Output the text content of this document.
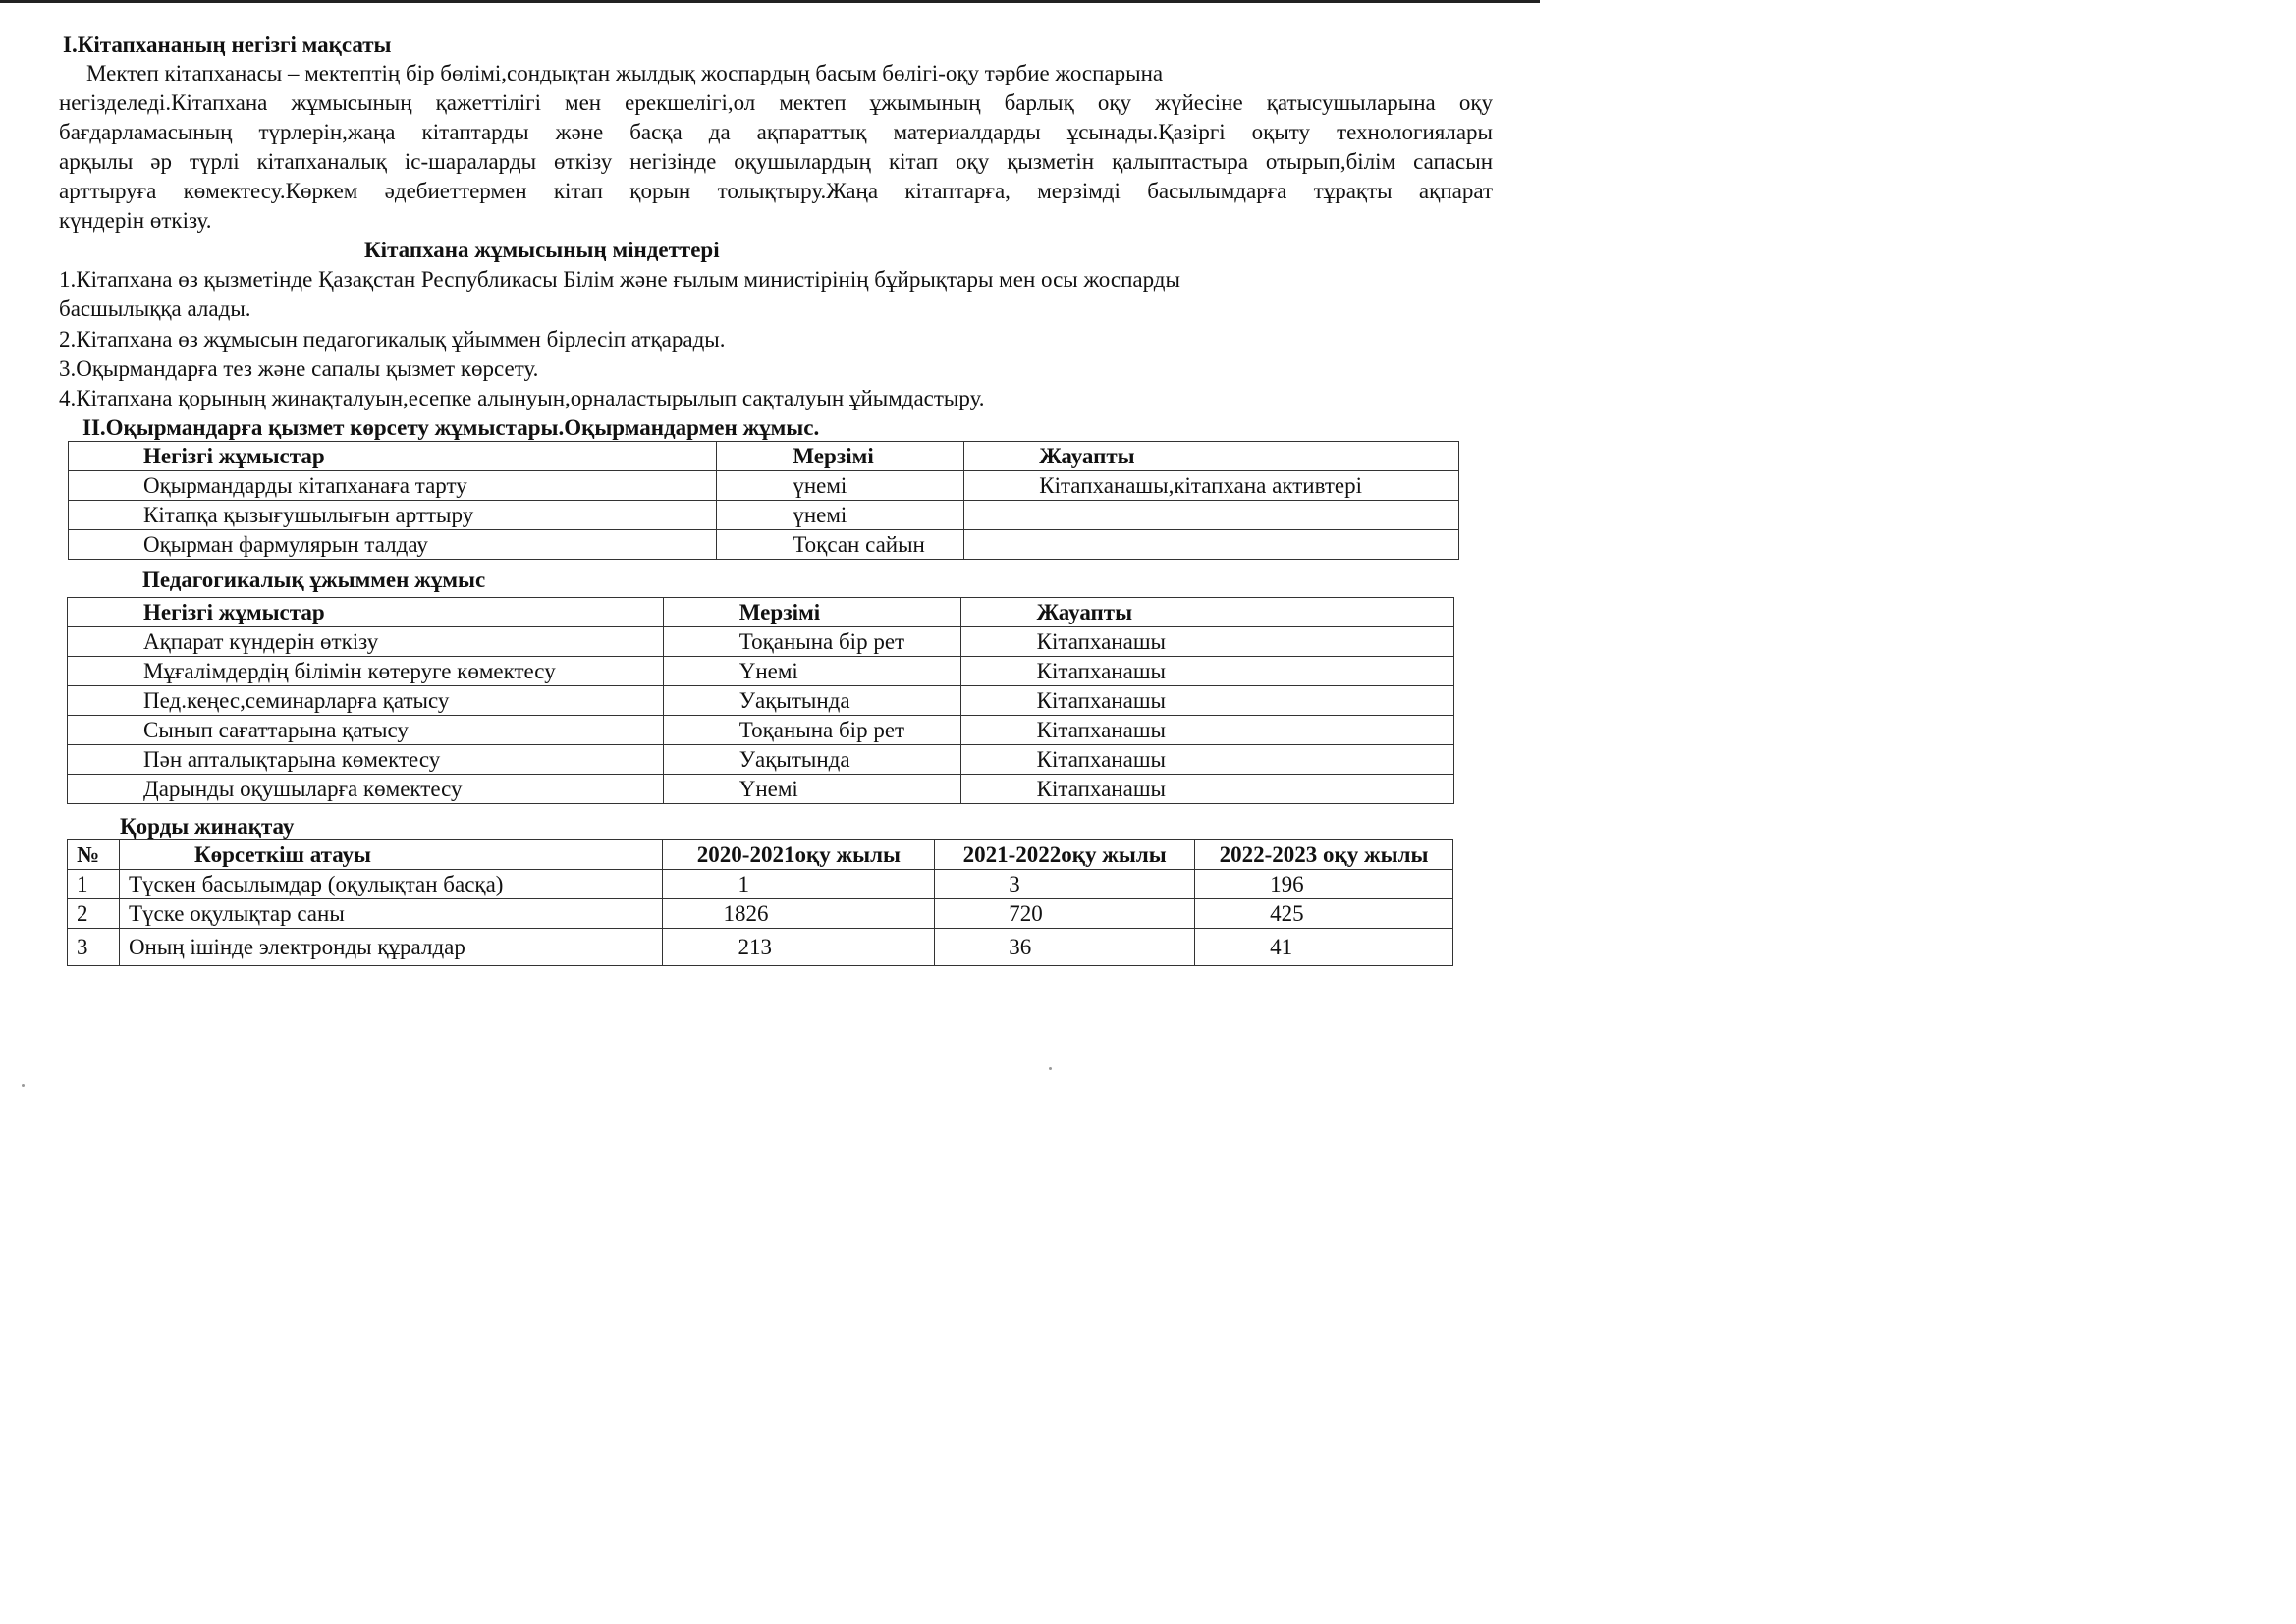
І.Кітапхананың негізгі мақсаты
Мектеп кітапханасы – мектептің бір бөлімі,сондықтан жылдық жоспардың басым бөлігі-оқу тәрбие жоспарына
негізделеді.Кітапхана жұмысының қажеттілігі мен ерекшелігі,ол мектеп ұжымының барлық оқу жүйесіне қатысушыларына оқу
бағдарламасының түрлерін,жаңа кітаптарды және басқа да ақпараттық материалдарды ұсынады.Қазіргі оқыту технологиялары
арқылы әр түрлі кітапханалық іс-шараларды өткізу негізінде оқушылардың кітап оқу қызметін қалыптастыра отырып,білім сапасын
арттыруға көмектесу.Көркем әдебиеттермен кітап қорын толықтыру.Жаңа кітаптарға, мерзімді басылымдарға тұрақты ақпарат
күндерін өткізу.
Кітапхана жұмысының міндеттері
1.Кітапхана өз қызметінде Қазақстан Республикасы Білім және ғылым министірінің бұйрықтары мен осы жоспарды
басшылыққа алады.
2.Кітапхана өз жұмысын педагогикалық ұйыммен бірлесіп атқарады.
3.Оқырмандарға тез және сапалы қызмет көрсету.
4.Кітапхана қорының жинақталуын,есепке алынуын,орналастырылып сақталуын ұйымдастыру.
ІІ.Оқырмандарға қызмет көрсету жұмыстары.Оқырмандармен жұмыс.
Негізгі жұмыстар	Мерзімі	Жауапты
Оқырмандарды кітапханаға тарту	үнемі	Кітапханашы,кітапхана активтері
Кітапқа қызығушылығын арттыру	үнемі	
Оқырман фармулярын талдау	Тоқсан сайын	
Педагогикалық ұжыммен жұмыс
Негізгі жұмыстар	Мерзімі	Жауапты
Ақпарат күндерін өткізу	Тоқанына бір рет	Кітапханашы
Мұғалімдердің білімін көтеруге көмектесу	Үнемі	Кітапханашы
Пед.кеңес,семинарларға қатысу	Уақытында	Кітапханашы
Сынып сағаттарына қатысу	Тоқанына бір рет	Кітапханашы
Пән апталықтарына көмектесу	Уақытында	Кітапханашы
Дарынды оқушыларға көмектесу	Үнемі	Кітапханашы
Қорды жинақтау
№	Көрсеткіш атауы	2020-2021оқу жылы	2021-2022оқу жылы	2022-2023 оқу жылы
1	Түскен басылымдар (оқулықтан басқа)	1	3	196
2	Түске оқулықтар саны	1826	720	425
3	Оның ішінде электронды құралдар	213	36	41
